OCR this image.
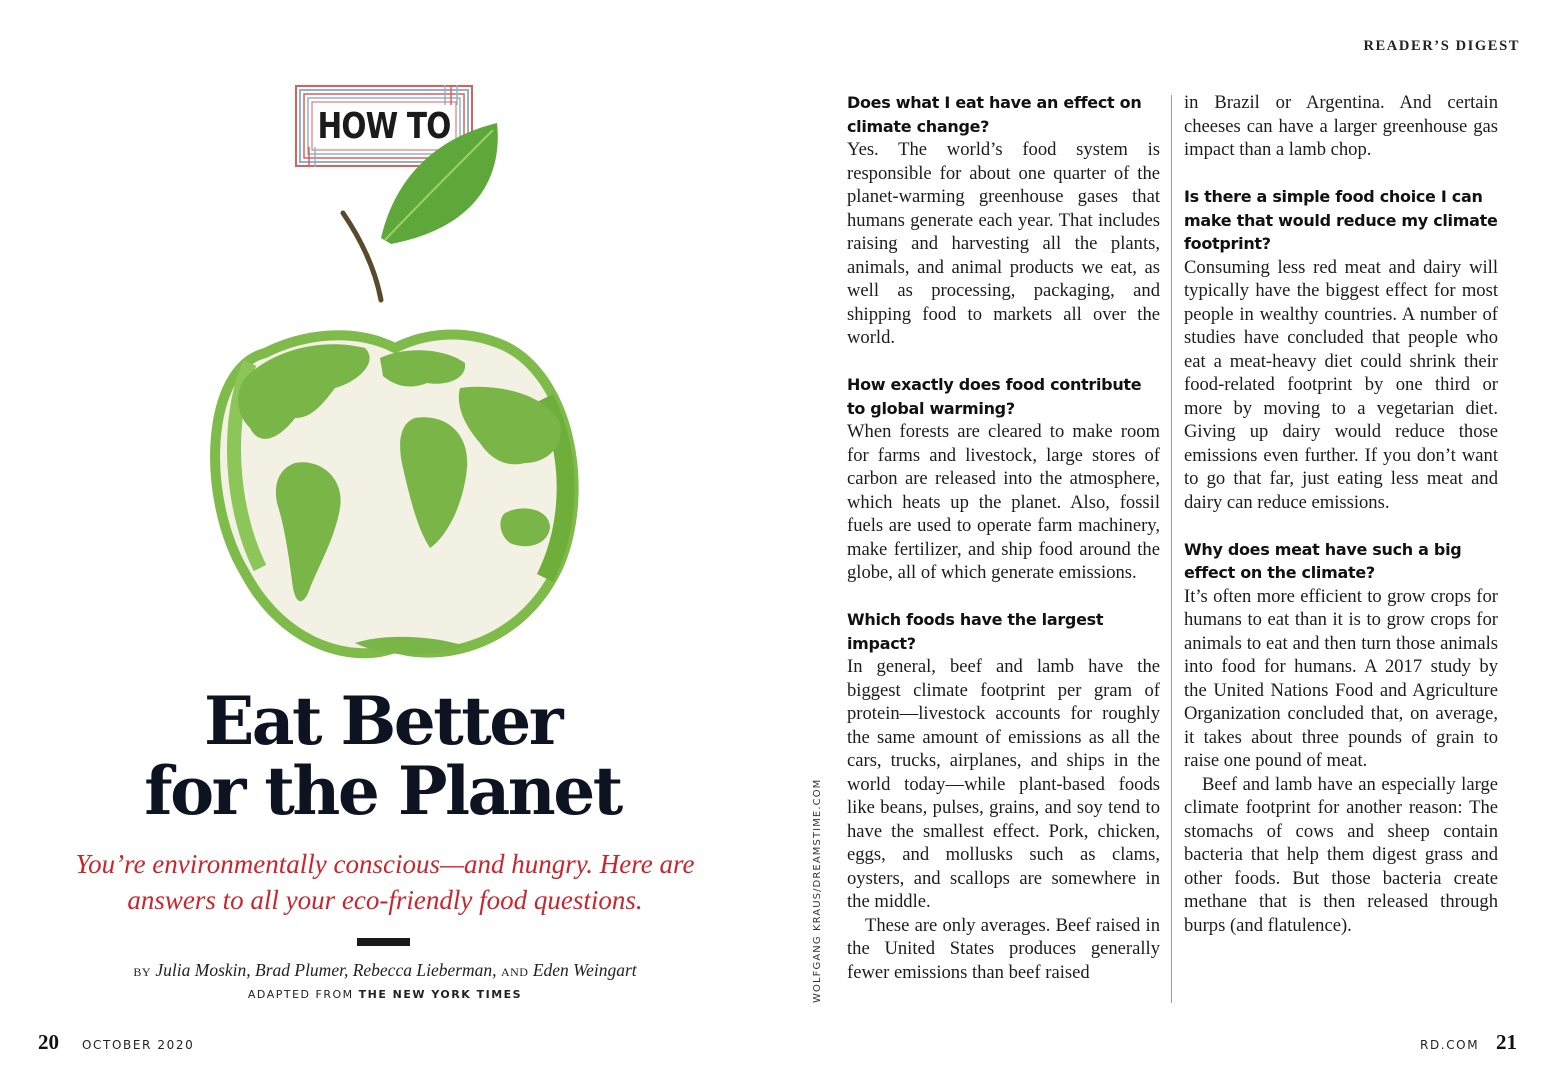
HOW TO
Eat Better
for the Planet
You’re environmentally conscious—and hungry. Here are answers to all your eco-friendly food questions.
BY Julia Moskin, Brad Plumer, Rebecca Lieberman, AND Eden Weingart
ADAPTED FROM THE NEW YORK TIMES
20 OCTOBER 2020
WOLFGANG KRAUS/DREAMSTIME.COM
READER’S DIGEST
Does what I eat have an effect on climate change?
Yes. The world’s food system is responsible for about one quarter of the planet-warming greenhouse gases that humans generate each year. That includes raising and harvesting all the plants, animals, and animal products we eat, as well as processing, packaging, and shipping food to markets all over the world.
How exactly does food contribute to global warming?
When forests are cleared to make room for farms and livestock, large stores of carbon are released into the atmosphere, which heats up the planet. Also, fossil fuels are used to operate farm machinery, make fertilizer, and ship food around the globe, all of which generate emissions.
Which foods have the largest impact?
In general, beef and lamb have the biggest climate footprint per gram of protein—livestock accounts for roughly the same amount of emissions as all the cars, trucks, airplanes, and ships in the world today—while plant-based foods like beans, pulses, grains, and soy tend to have the smallest effect. Pork, chicken, eggs, and mollusks such as clams, oysters, and scallops are somewhere in the middle.
These are only averages. Beef raised in the United States produces generally fewer emissions than beef raised
in Brazil or Argentina. And certain cheeses can have a larger greenhouse gas impact than a lamb chop.
Is there a simple food choice I can make that would reduce my climate footprint?
Consuming less red meat and dairy will typically have the biggest effect for most people in wealthy countries. A number of studies have concluded that people who eat a meat-heavy diet could shrink their food-related footprint by one third or more by moving to a vegetarian diet. Giving up dairy would reduce those emissions even further. If you don’t want to go that far, just eating less meat and dairy can reduce emissions.
Why does meat have such a big effect on the climate?
It’s often more efficient to grow crops for humans to eat than it is to grow crops for animals to eat and then turn those animals into food for humans. A 2017 study by the United Nations Food and Agriculture Organization concluded that, on average, it takes about three pounds of grain to raise one pound of meat.
Beef and lamb have an especially large climate footprint for another reason: The stomachs of cows and sheep contain bacteria that help them digest grass and other foods. But those bacteria create methane that is then released through burps (and flatulence).
RD.COM 21
